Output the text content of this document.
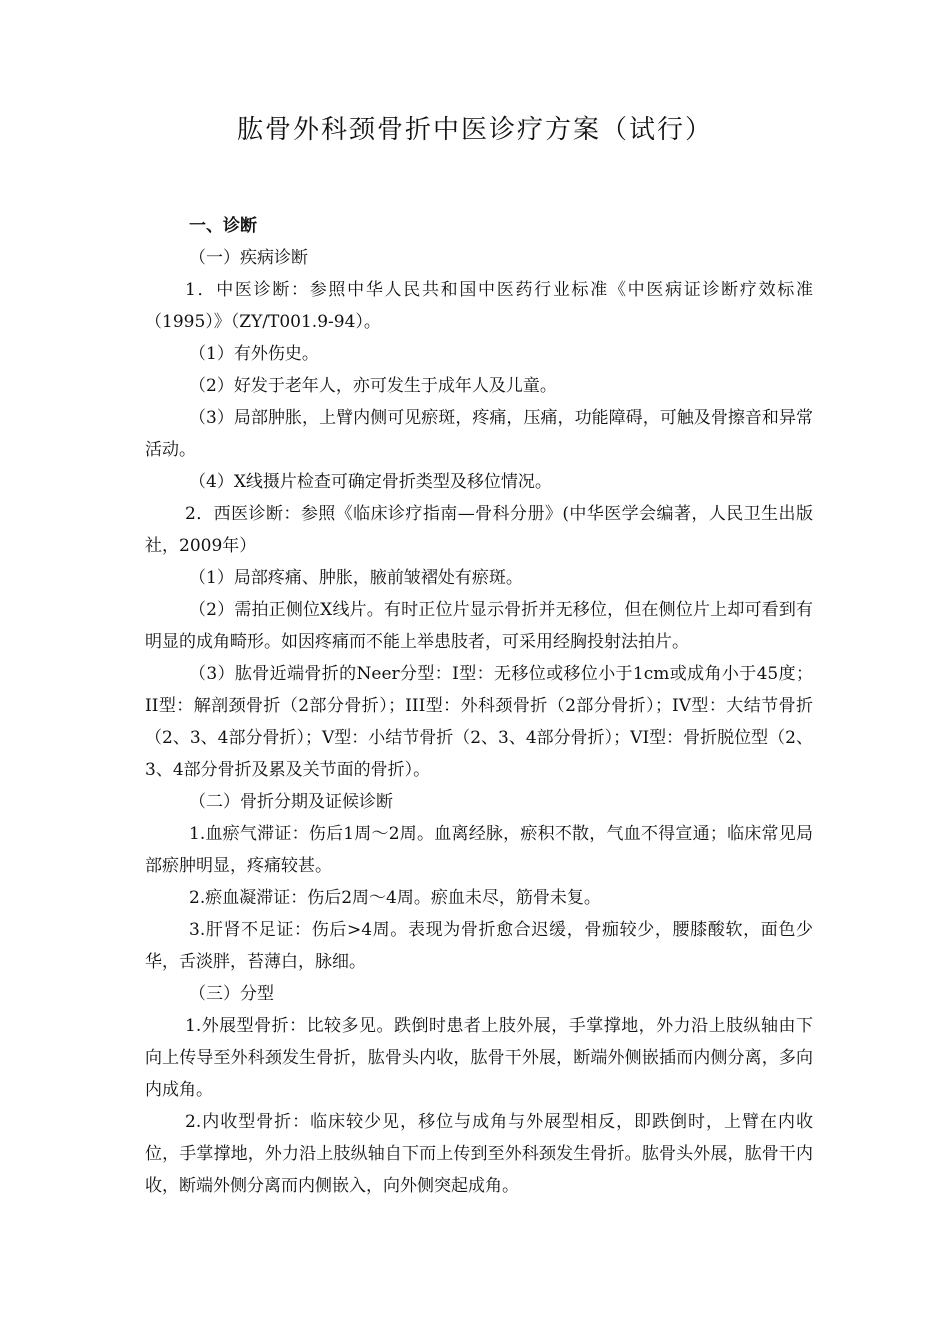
肱骨外科颈骨折中医诊疗方案（试行）

一、诊断

（一）疾病诊断

1．中医诊断：参照中华人民共和国中医药行业标准《中医病证诊断疗效标准（1995）》（ZY/T001.9-94）。

（1）有外伤史。

（2）好发于老年人，亦可发生于成年人及儿童。

（3）局部肿胀，上臂内侧可见瘀斑，疼痛，压痛，功能障碍，可触及骨擦音和异常活动。

（4）X线摄片检查可确定骨折类型及移位情况。

2．西医诊断：参照《临床诊疗指南—骨科分册》(中华医学会编著，人民卫生出版社，2009年）

（1）局部疼痛、肿胀，腋前皱褶处有瘀斑。

（2）需拍正侧位X线片。有时正位片显示骨折并无移位，但在侧位片上却可看到有明显的成角畸形。如因疼痛而不能上举患肢者，可采用经胸投射法拍片。

（3）肱骨近端骨折的Neer分型：I型：无移位或移位小于1cm或成角小于45度；II型：解剖颈骨折（2部分骨折）；III型：外科颈骨折（2部分骨折）；IV型：大结节骨折（2、3、4部分骨折）；V型：小结节骨折（2、3、4部分骨折）；VI型：骨折脱位型（2、3、4部分骨折及累及关节面的骨折）。

（二）骨折分期及证候诊断

1.血瘀气滞证：伤后1周～2周。血离经脉，瘀积不散，气血不得宣通；临床常见局部瘀肿明显，疼痛较甚。

2.瘀血凝滞证：伤后2周～4周。瘀血未尽，筋骨未复。

3.肝肾不足证：伤后>4周。表现为骨折愈合迟缓，骨痂较少，腰膝酸软，面色少华，舌淡胖，苔薄白，脉细。

（三）分型

1.外展型骨折：比较多见。跌倒时患者上肢外展，手掌撑地，外力沿上肢纵轴由下向上传导至外科颈发生骨折，肱骨头内收，肱骨干外展，断端外侧嵌插而内侧分离，多向内成角。

2.内收型骨折：临床较少见，移位与成角与外展型相反，即跌倒时，上臂在内收位，手掌撑地，外力沿上肢纵轴自下而上传到至外科颈发生骨折。肱骨头外展，肱骨干内收，断端外侧分离而内侧嵌入，向外侧突起成角。
